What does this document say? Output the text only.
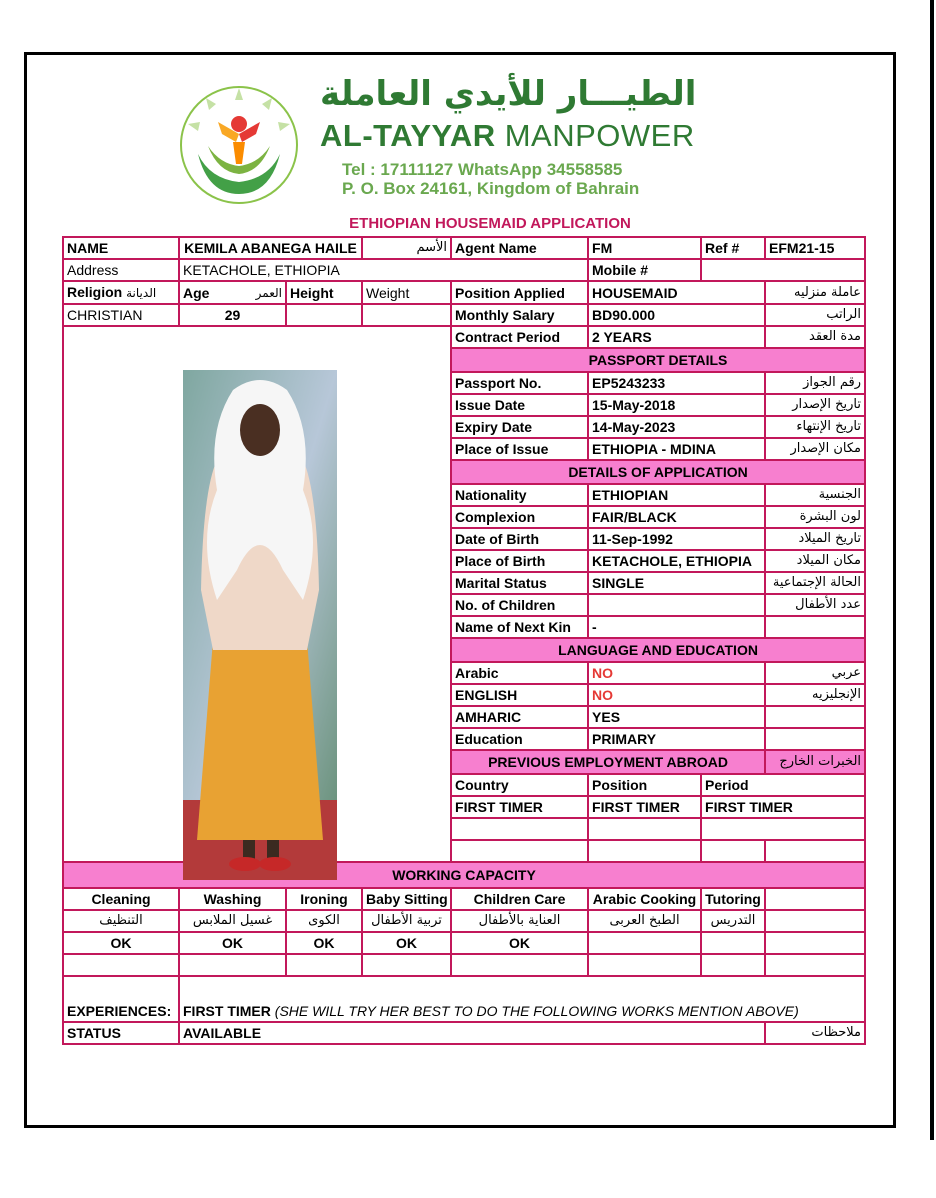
الطيـــار للأيدي العاملة
AL-TAYYAR MANPOWER
Tel : 17111127 WhatsApp 34558585
P. O. Box 24161, Kingdom of Bahrain
ETHIOPIAN HOUSEMAID APPLICATION
NAME	KEMILA ABANEGA HAILE		الأسم	Agent Name	FM	Ref #	EFM21-15	
Address	KETACHOLE, ETHIOPIA				Mobile #			
Religion الديانة	Age العمر	Height	Weight	Position Applied	HOUSEMAID		عاملة منزليه	
CHRISTIAN	29			Monthly Salary	BD90.000		الراتب	
				Contract Period	2 YEARS		مدة العقد	
				PASSPORT DETAILS				
				Passport No.	EP5243233		رقم الجواز	
				Issue Date	15-May-2018		تاريخ الإصدار	
				Expiry Date	14-May-2023		تاريخ الإنتهاء	
				Place of Issue	ETHIOPIA - MDINA		مكان الإصدار	
				DETAILS OF APPLICATION				
				Nationality	ETHIOPIAN		الجنسية	
				Complexion	FAIR/BLACK		لون البشرة	
				Date of Birth	11-Sep-1992		تاريخ الميلاد	
				Place of Birth	KETACHOLE, ETHIOPIA		مكان الميلاد	
				Marital Status	SINGLE		الحالة الإجتماعية	
				No. of Children			عدد الأطفال	
				Name of Next Kin	-			
				LANGUAGE AND EDUCATION				
				Arabic	NO		عربي	
				ENGLISH	NO		الإنجليزيه	
				AMHARIC	YES			
				Education	PRIMARY			
				PREVIOUS EMPLOYMENT ABROAD			الخبرات الخارج	
				Country	Position	Period		
				FIRST TIMER	FIRST TIMER	FIRST TIMER		

WORKING CAPACITY								
Cleaning	Washing	Ironing	Baby Sitting	Children Care	Arabic Cooking	Tutoring		
التنظيف	غسيل الملابس	الكوى	تربية الأطفال	العناية بالأطفال	الطبخ العربى	التدريس		
OK	OK	OK	OK	OK				

EXPERIENCES:	FIRST TIMER (SHE WILL TRY HER BEST TO DO THE FOLLOWING WORKS MENTION ABOVE)							
STATUS	AVAILABLE						ملاحظات	
